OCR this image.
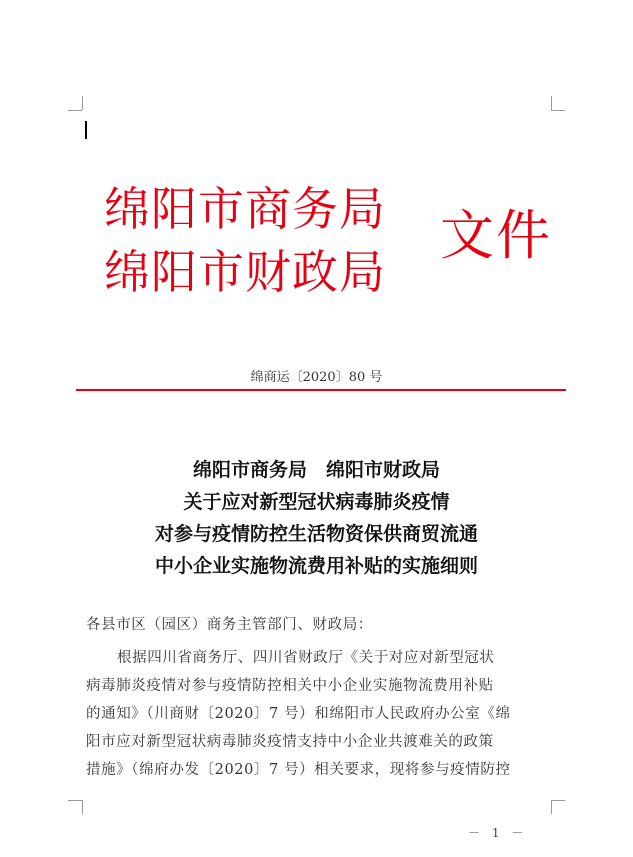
绵阳市商务局
绵阳市财政局
文件
绵商运〔2020〕80 号
绵阳市商务局　绵阳市财政局
关于应对新型冠状病毒肺炎疫情
对参与疫情防控生活物资保供商贸流通
中小企业实施物流费用补贴的实施细则
各县市区（园区）商务主管部门、财政局：
根据四川省商务厅、四川省财政厅《关于对应对新型冠状
病毒肺炎疫情对参与疫情防控相关中小企业实施物流费用补贴
的通知》（川商财〔2020〕7 号）和绵阳市人民政府办公室《绵
阳市应对新型冠状病毒肺炎疫情支持中小企业共渡难关的政策
措施》（绵府办发〔2020〕7 号）相关要求，现将参与疫情防控
－ 1 －
